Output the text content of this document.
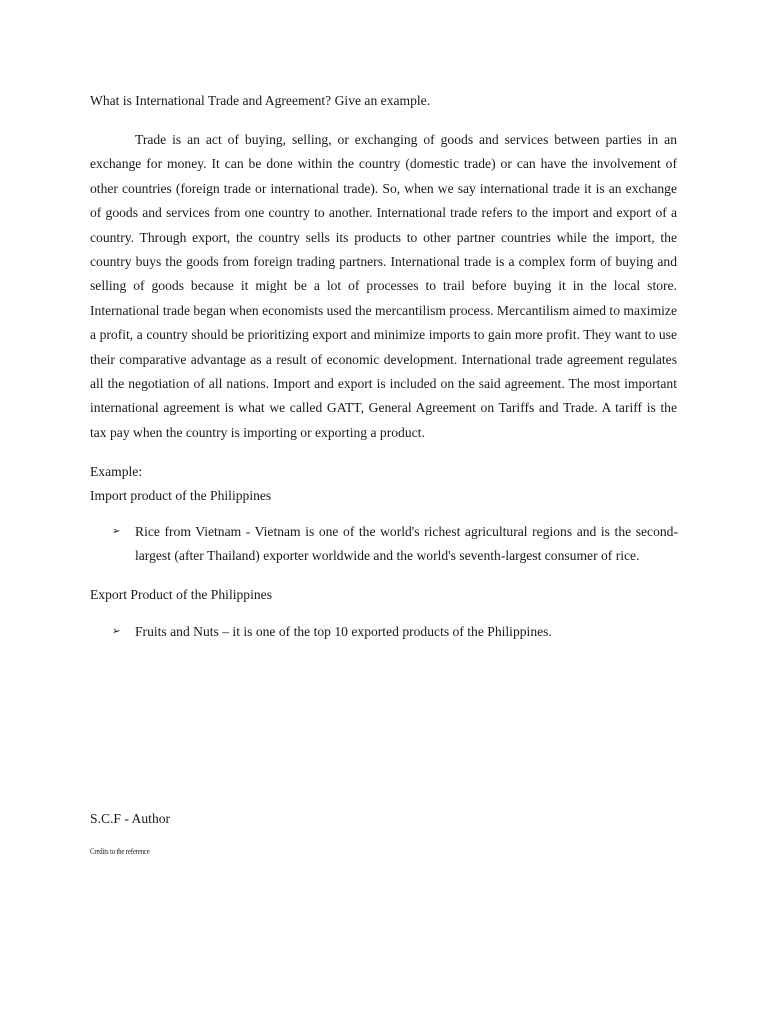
What is International Trade and Agreement? Give an example.

Trade is an act of buying, selling, or exchanging of goods and services between parties in an exchange for money. It can be done within the country (domestic trade) or can have the involvement of other countries (foreign trade or international trade). So, when we say international trade it is an exchange of goods and services from one country to another. International trade refers to the import and export of a country. Through export, the country sells its products to other partner countries while the import, the country buys the goods from foreign trading partners. International trade is a complex form of buying and selling of goods because it might be a lot of processes to trail before buying it in the local store. International trade began when economists used the mercantilism process. Mercantilism aimed to maximize a profit, a country should be prioritizing export and minimize imports to gain more profit. They want to use their comparative advantage as a result of economic development. International trade agreement regulates all the negotiation of all nations. Import and export is included on the said agreement. The most important international agreement is what we called GATT, General Agreement on Tariffs and Trade. A tariff is the tax pay when the country is importing or exporting a product.

Example:
Import product of the Philippines
➢	Rice from Vietnam - Vietnam is one of the world's richest agricultural regions and is the second-largest (after Thailand) exporter worldwide and the world's seventh-largest consumer of rice.
Export Product of the Philippines
➢	Fruits and Nuts – it is one of the top 10 exported products of the Philippines.
S.C.F - Author
Credits to the reference
